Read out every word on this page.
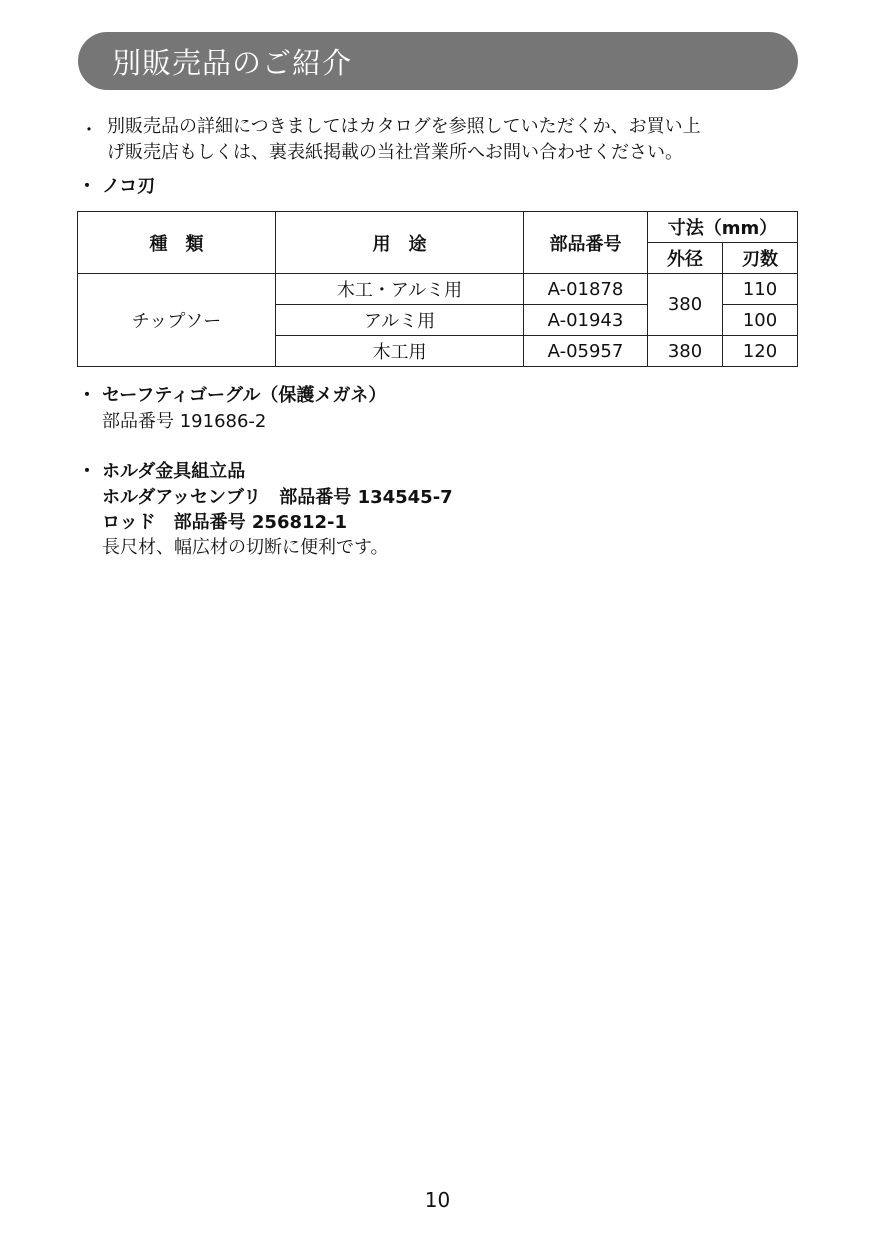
別販売品のご紹介
・ 別販売品の詳細につきましてはカタログを参照していただくか、お買い上
げ販売店もしくは、裏表紙掲載の当社営業所へお問い合わせください。
・ ノコ刃
種　類	用　途	部品番号	寸法（mm）	
			外径	刃数
チップソー	木工・アルミ用	A-01878	380	110
	アルミ用	A-01943		100
	木工用	A-05957	380	120
・ セーフティゴーグル（保護メガネ）
部品番号 191686-2
・ ホルダ金具組立品
ホルダアッセンブリ　部品番号 134545-7
ロッド　部品番号 256812-1
長尺材、幅広材の切断に便利です。
10
